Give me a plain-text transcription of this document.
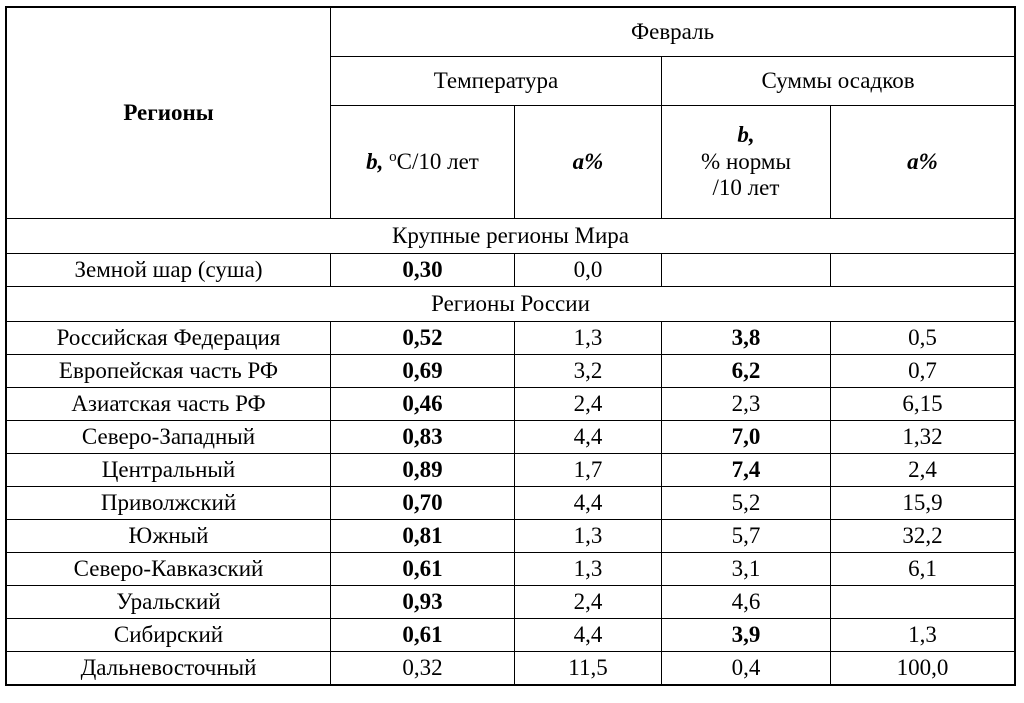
Регионы	Февраль			
	Температура		Суммы осадков	
	b, $^o$C/10 лет	a%	b,
% нормы
/10 лет	a%
Крупные регионы Мира				
Земной шар (суша)	0,30	0,0		
Регионы России				
Российская Федерация	0,52	1,3	3,8	0,5
Европейская часть РФ	0,69	3,2	6,2	0,7
Азиатская часть РФ	0,46	2,4	2,3	6,15
Северо-Западный	0,83	4,4	7,0	1,32
Центральный	0,89	1,7	7,4	2,4
Приволжский	0,70	4,4	5,2	15,9
Южный	0,81	1,3	5,7	32,2
Северо-Кавказский	0,61	1,3	3,1	6,1
Уральский	0,93	2,4	4,6	
Сибирский	0,61	4,4	3,9	1,3
Дальневосточный	0,32	11,5	0,4	100,0
